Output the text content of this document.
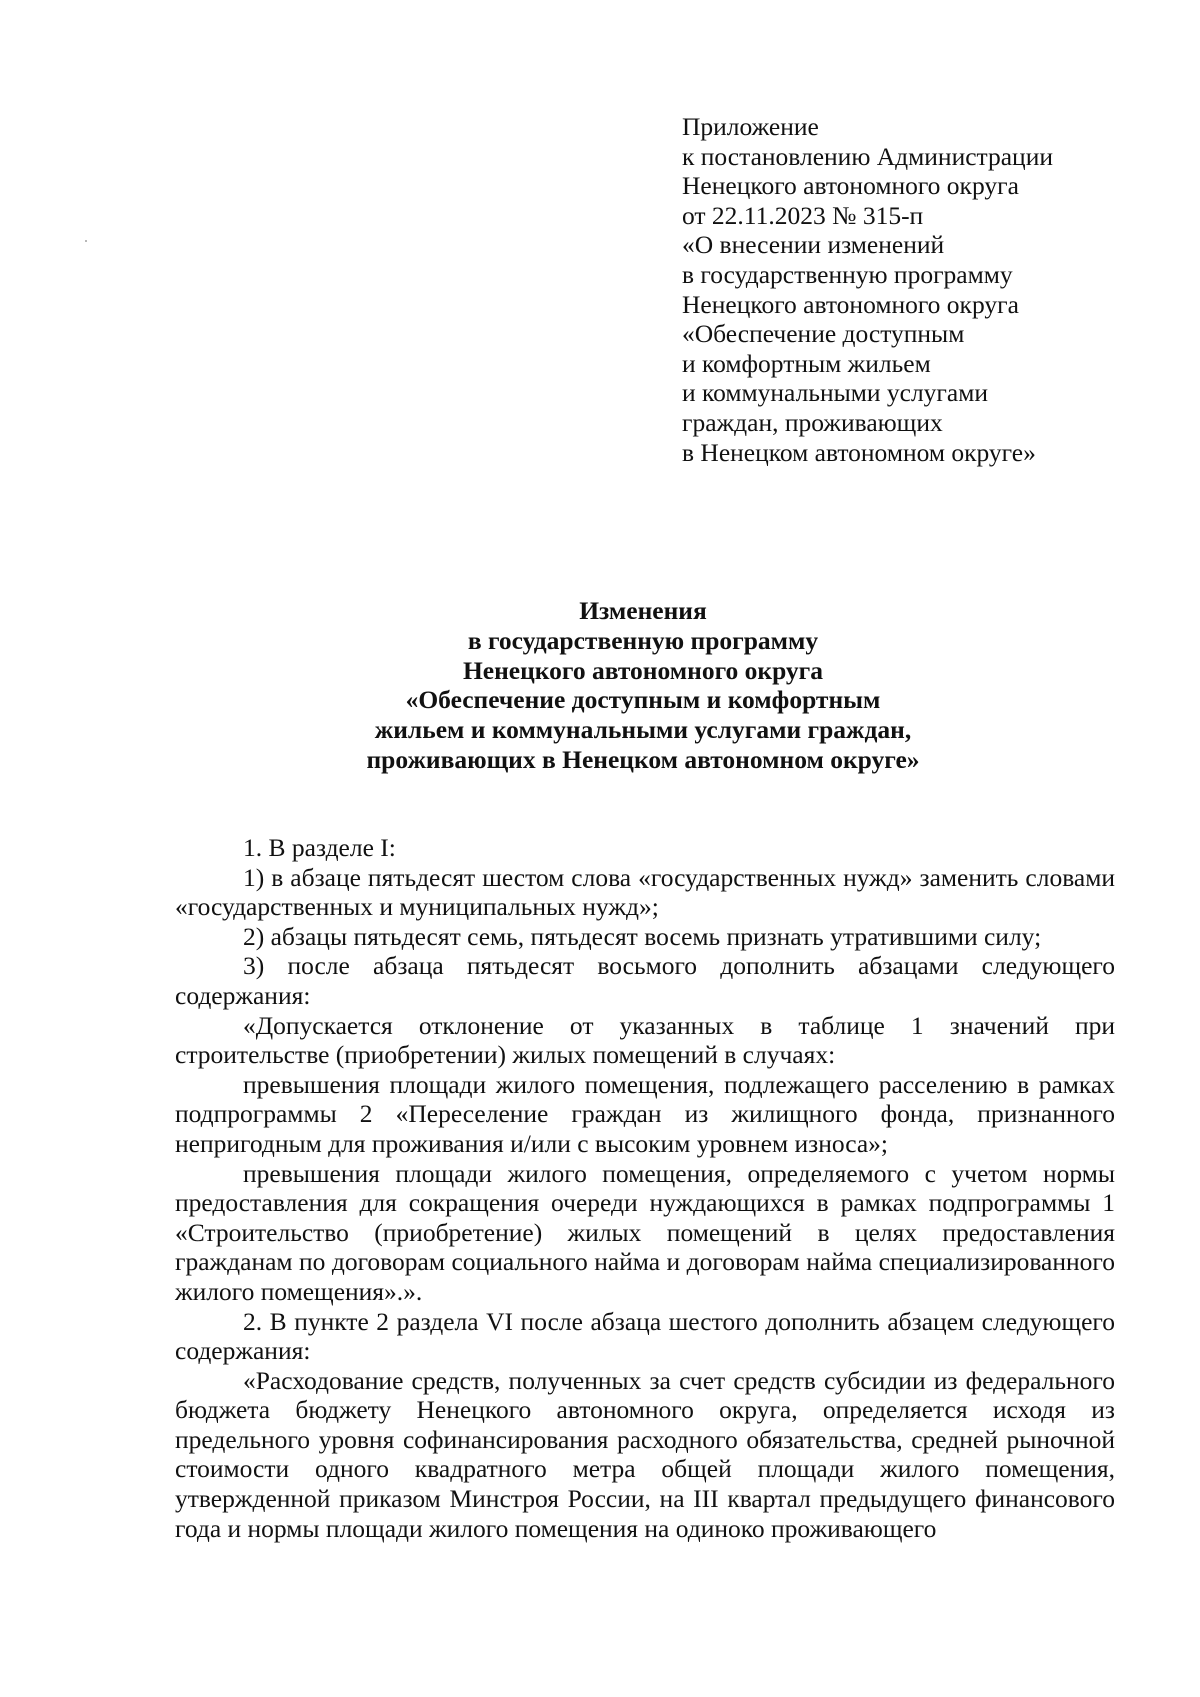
Приложение
к постановлению Администрации
Ненецкого автономного округа
от 22.11.2023 № 315-п
«О внесении изменений
в государственную программу
Ненецкого автономного округа
«Обеспечение доступным
и комфортным жильем
и коммунальными услугами
граждан, проживающих
в Ненецком автономном округе»
Изменения
в государственную программу
Ненецкого автономного округа
«Обеспечение доступным и комфортным
жильем и коммунальными услугами граждан,
проживающих в Ненецком автономном округе»

1. В разделе I:

1) в абзаце пятьдесят шестом слова «государственных нужд» заменить словами «государственных и муниципальных нужд»;

2) абзацы пятьдесят семь, пятьдесят восемь признать утратившими силу;

3) после абзаца пятьдесят восьмого дополнить абзацами следующего содержания:

«Допускается отклонение от указанных в таблице 1 значений при строительстве (приобретении) жилых помещений в случаях:

превышения площади жилого помещения, подлежащего расселению в рамках подпрограммы 2 «Переселение граждан из жилищного фонда, признанного непригодным для проживания и/или с высоким уровнем износа»;

превышения площади жилого помещения, определяемого с учетом нормы предоставления для сокращения очереди нуждающихся в рамках подпрограммы 1 «Строительство (приобретение) жилых помещений в целях предоставления гражданам по договорам социального найма и договорам найма специализированного жилого помещения».».

2. В пункте 2 раздела VI после абзаца шестого дополнить абзацем следующего содержания:

«Расходование средств, полученных за счет средств субсидии из федерального бюджета бюджету Ненецкого автономного округа, определяется исходя из предельного уровня софинансирования расходного обязательства, средней рыночной стоимости одного квадратного метра общей площади жилого помещения, утвержденной приказом Минстроя России, на III квартал предыдущего финансового года и нормы площади жилого помещения на одиноко проживающего
